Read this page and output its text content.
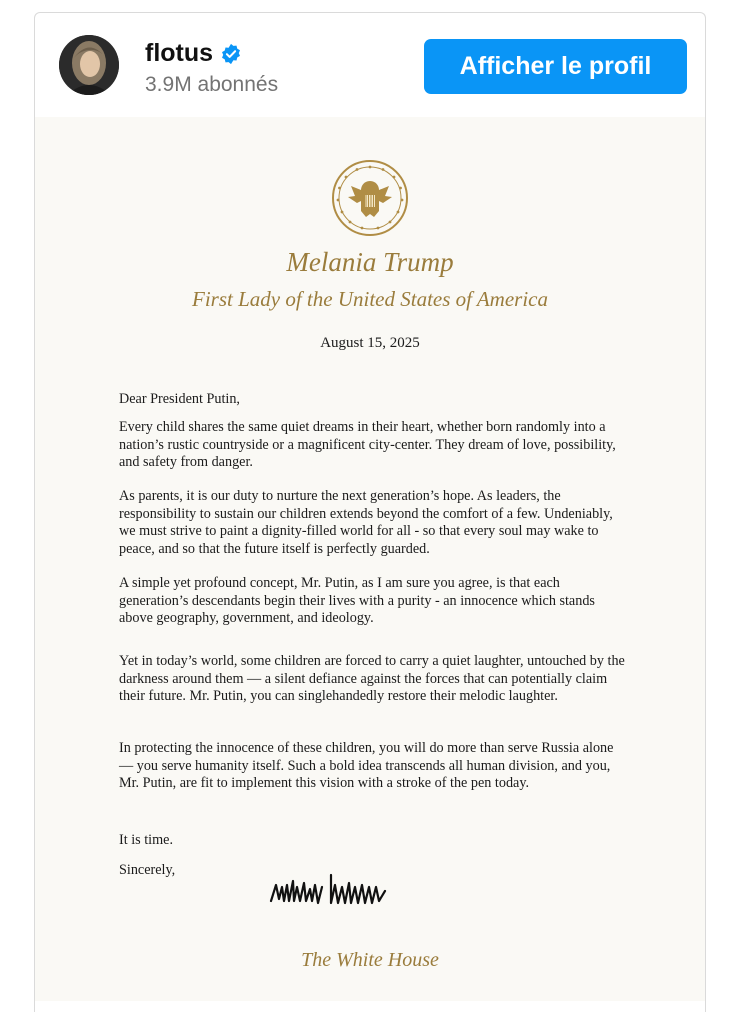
flotus
3.9M abonnés
Afficher le profil
Melania Trump
First Lady of the United States of America
August 15, 2025
Dear President Putin,
Every child shares the same quiet dreams in their heart, whether born randomly into a nation’s rustic countryside or a magnificent city-center. They dream of love, possibility, and safety from danger.
As parents, it is our duty to nurture the next generation’s hope. As leaders, the responsibility to sustain our children extends beyond the comfort of a few. Undeniably, we must strive to paint a dignity-filled world for all - so that every soul may wake to peace, and so that the future itself is perfectly guarded.
A simple yet profound concept, Mr. Putin, as I am sure you agree, is that each generation’s descendants begin their lives with a purity - an innocence which stands above geography, government, and ideology.
Yet in today’s world, some children are forced to carry a quiet laughter, untouched by the darkness around them — a silent defiance against the forces that can potentially claim their future. Mr. Putin, you can singlehandedly restore their melodic laughter.
In protecting the innocence of these children, you will do more than serve Russia alone — you serve humanity itself. Such a bold idea transcends all human division, and you, Mr. Putin, are fit to implement this vision with a stroke of the pen today.
It is time.
Sincerely,
The White House
